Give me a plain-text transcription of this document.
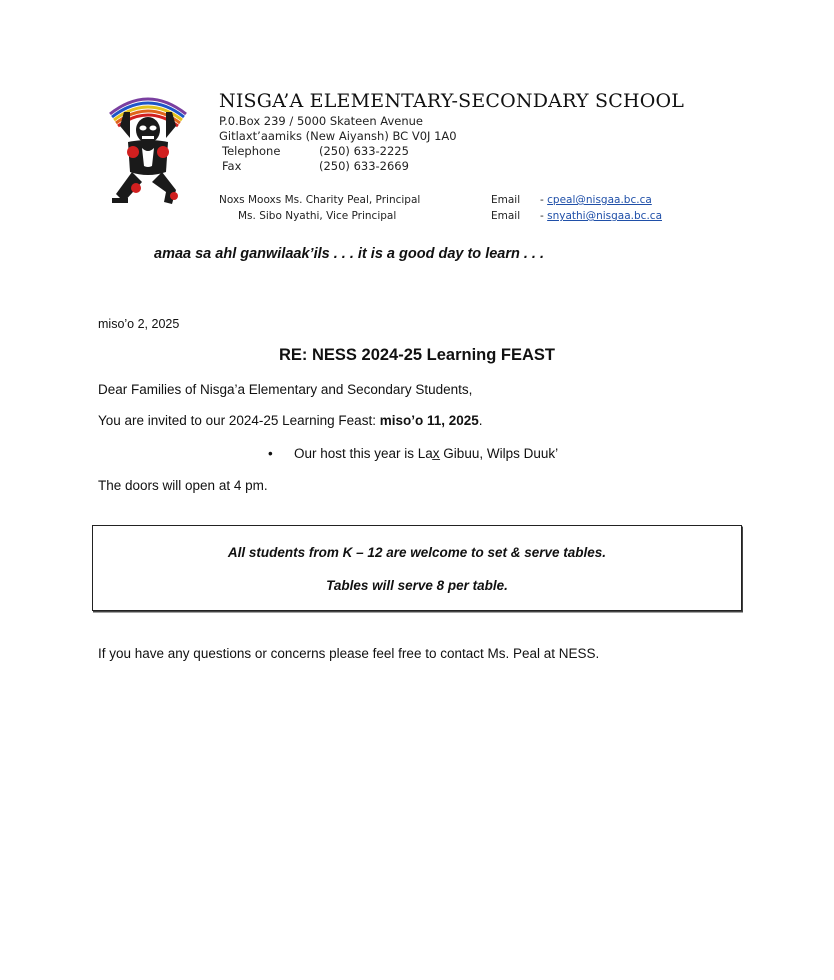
NISGA’A ELEMENTARY-SECONDARY SCHOOL
P.0.Box 239 / 5000 Skateen Avenue
Gitlaxt’aamiks (New Aiyansh) BC V0J 1A0
Telephone	(250) 633-2225
Fax	(250) 633-2669
Noxs Mooxs Ms. Charity Peal, Principal
Ms. Sibo Nyathi, Vice Principal
Email
Email
- cpeal@nisgaa.bc.ca
- snyathi@nisgaa.bc.ca
amaa sa ahl ganwilaak’ils . . . it is a good day to learn . . .
miso’o 2, 2025
RE: NESS 2024-25 Learning FEAST
Dear Families of Nisga’a Elementary and Secondary Students,
You are invited to our 2024-25 Learning Feast: miso’o 11, 2025.
• Our host this year is Lax̲ Gibuu, Wilps Duuk’
The doors will open at 4 pm.
All students from K – 12 are welcome to set & serve tables.
Tables will serve 8 per table.
If you have any questions or concerns please feel free to contact Ms. Peal at NESS.
